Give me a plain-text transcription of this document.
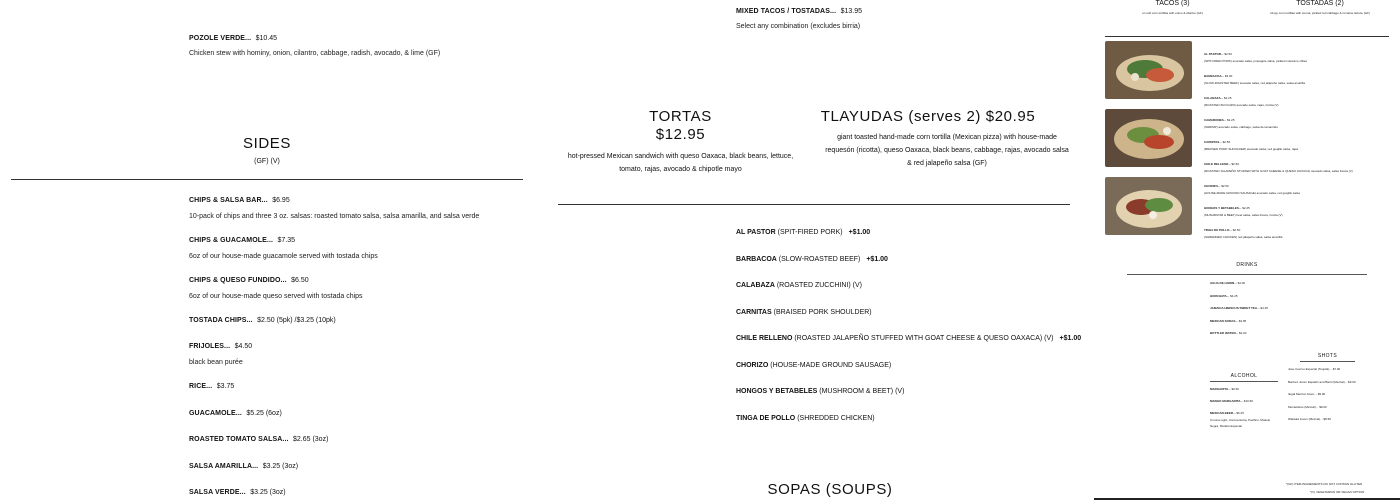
MIXED TACOS / TOSTADAS... $13.95
Select any combination (excludes birria)
POZOLE VERDE... $10.45
Chicken stew with hominy, onion, cilantro, cabbage, radish, avocado, & lime (GF)
SIDES
(GF) (V)
CHIPS & SALSA BAR... $6.95
10-pack of chips and three 3 oz. salsas: roasted tomato salsa, salsa amarilla, and salsa verde
CHIPS & GUACAMOLE... $7.35
6oz of our house-made guacamole served with tostada chips
CHIPS & QUESO FUNDIDO... $6.50
6oz of our house-made queso served with tostada chips
TOSTADA CHIPS... $2.50 (5pk) /$3.25 (10pk)
FRIJOLES... $4.50
black bean purée
RICE... $3.75
GUACAMOLE... $5.25 (6oz)
ROASTED TOMATO SALSA... $2.65 (3oz)
SALSA AMARILLA... $3.25 (3oz)
SALSA VERDE... $3.25 (3oz)
TORTAS
$12.95
hot-pressed Mexican sandwich with queso Oaxaca, black beans, lettuce, tomato, rajas, avocado & chipotle mayo
TLAYUDAS (serves 2) $20.95
giant toasted hand-made corn tortilla (Mexican pizza) with house-made requesón (ricotta), queso Oaxaca, black beans, cabbage, rajas, avocado salsa & red jalapeño salsa (GF)
AL PASTOR (SPIT-FIRED PORK) +$1.00
BARBACOA (SLOW-ROASTED BEEF) +$1.00
CALABAZA (ROASTED ZUCCHINI) (V)
CARNITAS (BRAISED PORK SHOULDER)
CHILE RELLENO (ROASTED JALAPEÑO STUFFED WITH GOAT CHEESE & QUESO OAXACA) (V) +$1.00
CHORIZO (HOUSE-MADE GROUND SAUSAGE)
HONGOS Y BETABELES (MUSHROOM & BEET) (V)
TINGA DE POLLO (SHREDDED CHICKEN)
SOPAS (SOUPS)
TACOS (3)
on soft corn tortillas with onion & cilantro (GF)
TOSTADAS (2)
crispy corn tortillas with crema, pickled red cabbage & romaine lettuce (GF)
AL PASTOR... $2.50
(SPIT-FIRED PORK) avocado salsa, pineapple salsa, pickled manzano chiles
BARBACOA... $3.00
(SLOW-ROASTED BEEF) avocado salsa, red jalapeño salsa, salsa amarilla
CALABAZA... $2.25
(ROASTED ZUCCHINI) avocado salsa, rajas, ricotta (V)
CAMARONES... $3.25
(SHRIMP) avocado salsa, cabbage, salsa de tamarindo
CARNITAS... $2.50
(BRAISED PORK SHOULDER) avocado salsa, red guajillo salsa, rajas
CHILE RELLENO... $2.50
(ROASTED JALAPEÑO STUFFED WITH GOAT CHEESE & QUESO OAXACA) avocado salsa, salsa fresca (V)
CHORIZO... $2.50
(HOUSE-MADE GROUND SAUSAGE) avocado salsa, red guajillo salsa
HONGOS Y BETABELES... $2.25
(MUSHROOM & BEET) beet salsa, salsa fresca, ricotta (V)
TINGA DE POLLO... $2.50
(SHREDDED CHICKEN) red jalapeño salsa, salsa amarilla
DRINKS
AGUA DE LIMON... $4.00
HORCHATA... $4.25
JAMAICA HIBISCUS SWEET TEA... $4.25
MEXICAN SODAS... $3.95
BOTTLED WATER... $2.00
SHOTS
Jose Cuervo Especial (Tequila)... $7.00
Banhez Joven Espadin and Barril (Mezcal)... $9.00
Ilegal Mezcal Joven... $9.00
Montelobos (Mezcal)... $9.00
Wahaka Joven (Mezcal)... $8.50
ALCOHOL
MARGARITA... $9.50
MANGO MARGARITA... $10.50
MEXICAN BEER... $6.25
Corona Light, Corona Extra, Pacifico, Modelo
Negra, Modelo Especial
*(GF) ITEM INGREDIENTS DO NOT CONTAIN GLUTEN
*(V) VEGETARIAN OR VEGAN OPTION
